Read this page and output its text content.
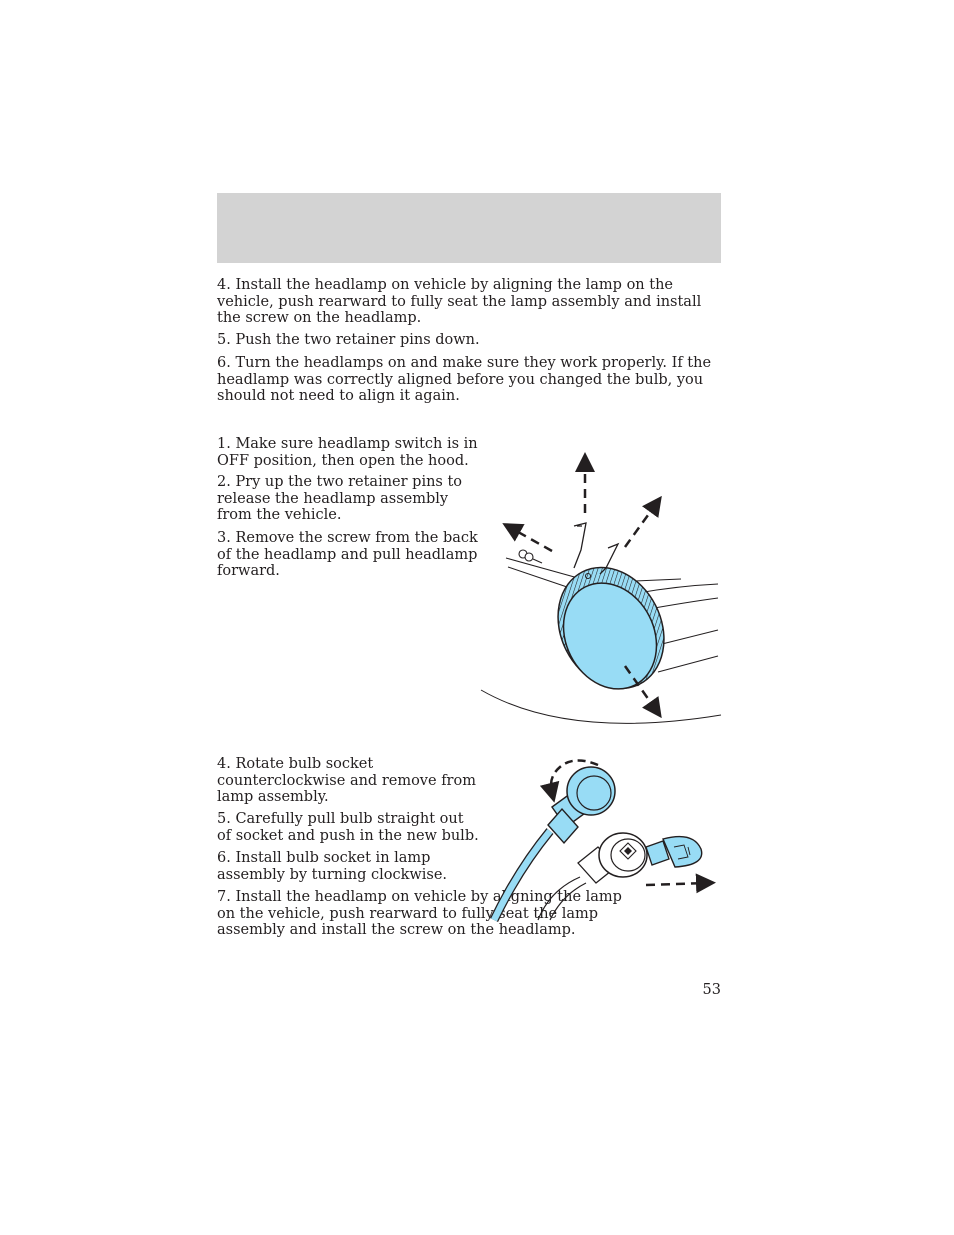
4. Install the headlamp on vehicle by aligning the lamp on the vehicle, push rearward to fully seat the lamp assembly and install the screw on the headlamp.

5. Push the two retainer pins down.

6. Turn the headlamps on and make sure they work properly. If the headlamp was correctly aligned before you changed the bulb, you should not need to align it again.

1. Make sure headlamp switch is in OFF position, then open the hood.

2. Pry up the two retainer pins to release the headlamp assembly from the vehicle.

3. Remove the screw from the back of the headlamp and pull headlamp forward.

4. Rotate bulb socket counterclockwise and remove from lamp assembly.

5. Carefully pull bulb straight out of socket and push in the new bulb.

6. Install bulb socket in lamp assembly by turning clockwise.

7. Install the headlamp on vehicle by aligning the lamp on the vehicle, push rearward to fully seat the lamp assembly and install the screw on the headlamp.

53
